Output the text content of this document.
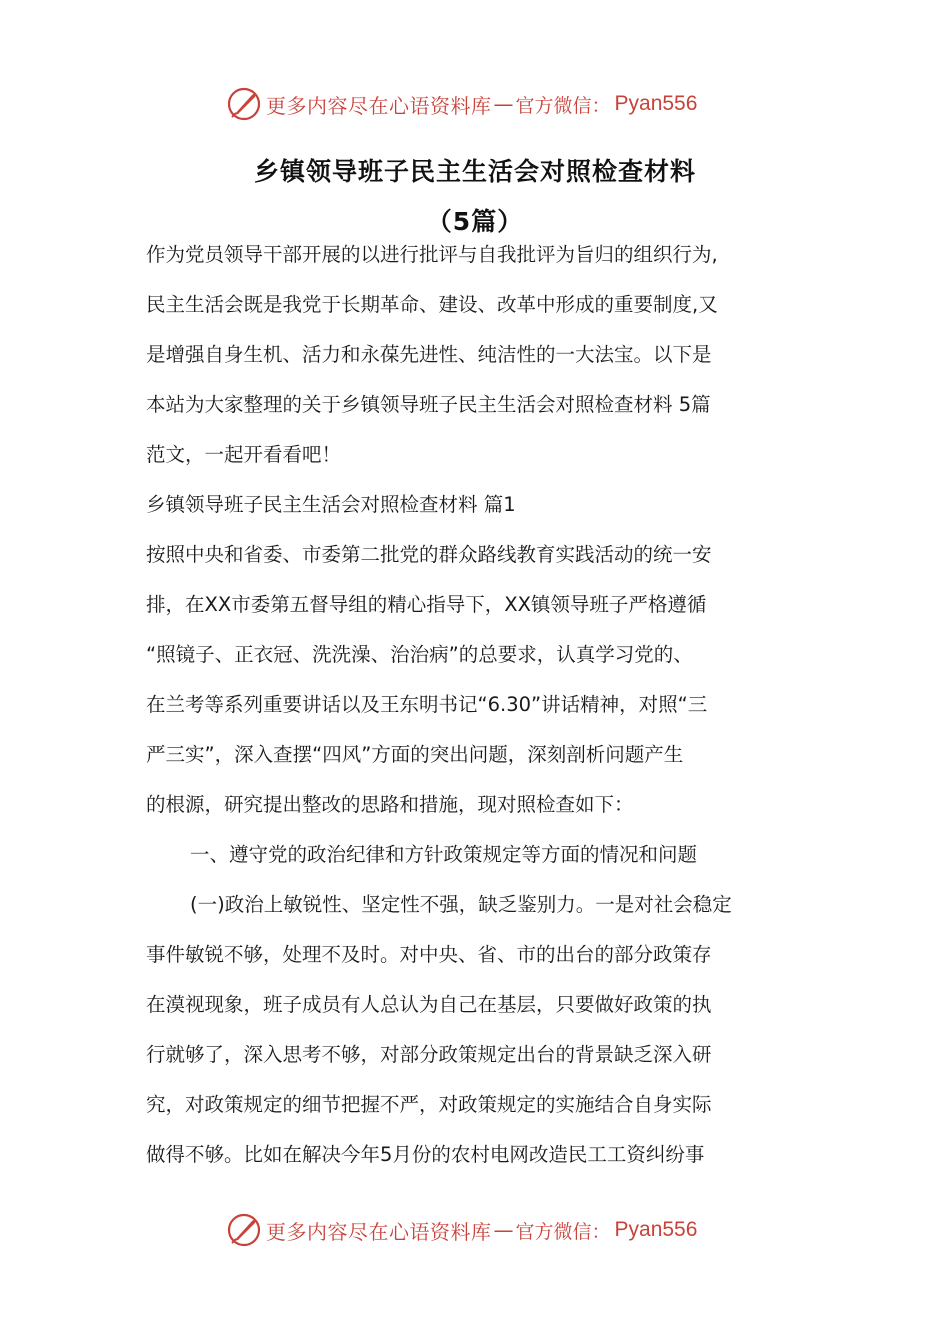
更多内容尽在心语资料库 — 官方微信： Pyan556
乡镇领导班子民主生活会对照检查材料
（5篇）
作为党员领导干部开展的以进行批评与自我批评为旨归的组织行为,
民主生活会既是我党于长期革命、建设、改革中形成的重要制度,又
是增强自身生机、活力和永葆先进性、纯洁性的一大法宝。以下是
本站为大家整理的关于乡镇领导班子民主生活会对照检查材料 5篇
范文，一起开看看吧！
乡镇领导班子民主生活会对照检查材料 篇1
按照中央和省委、市委第二批党的群众路线教育实践活动的统一安
排，在XX市委第五督导组的精心指导下，XX镇领导班子严格遵循
“照镜子、正衣冠、洗洗澡、治治病”的总要求，认真学习党的、
在兰考等系列重要讲话以及王东明书记“6.30”讲话精神，对照“三
严三实”，深入查摆“四风”方面的突出问题，深刻剖析问题产生
的根源，研究提出整改的思路和措施，现对照检查如下：
一、遵守党的政治纪律和方针政策规定等方面的情况和问题
(一)政治上敏锐性、坚定性不强，缺乏鉴别力。一是对社会稳定
事件敏锐不够，处理不及时。对中央、省、市的出台的部分政策存
在漠视现象，班子成员有人总认为自己在基层，只要做好政策的执
行就够了，深入思考不够，对部分政策规定出台的背景缺乏深入研
究，对政策规定的细节把握不严，对政策规定的实施结合自身实际
做得不够。比如在解决今年5月份的农村电网改造民工工资纠纷事
更多内容尽在心语资料库 — 官方微信： Pyan556
